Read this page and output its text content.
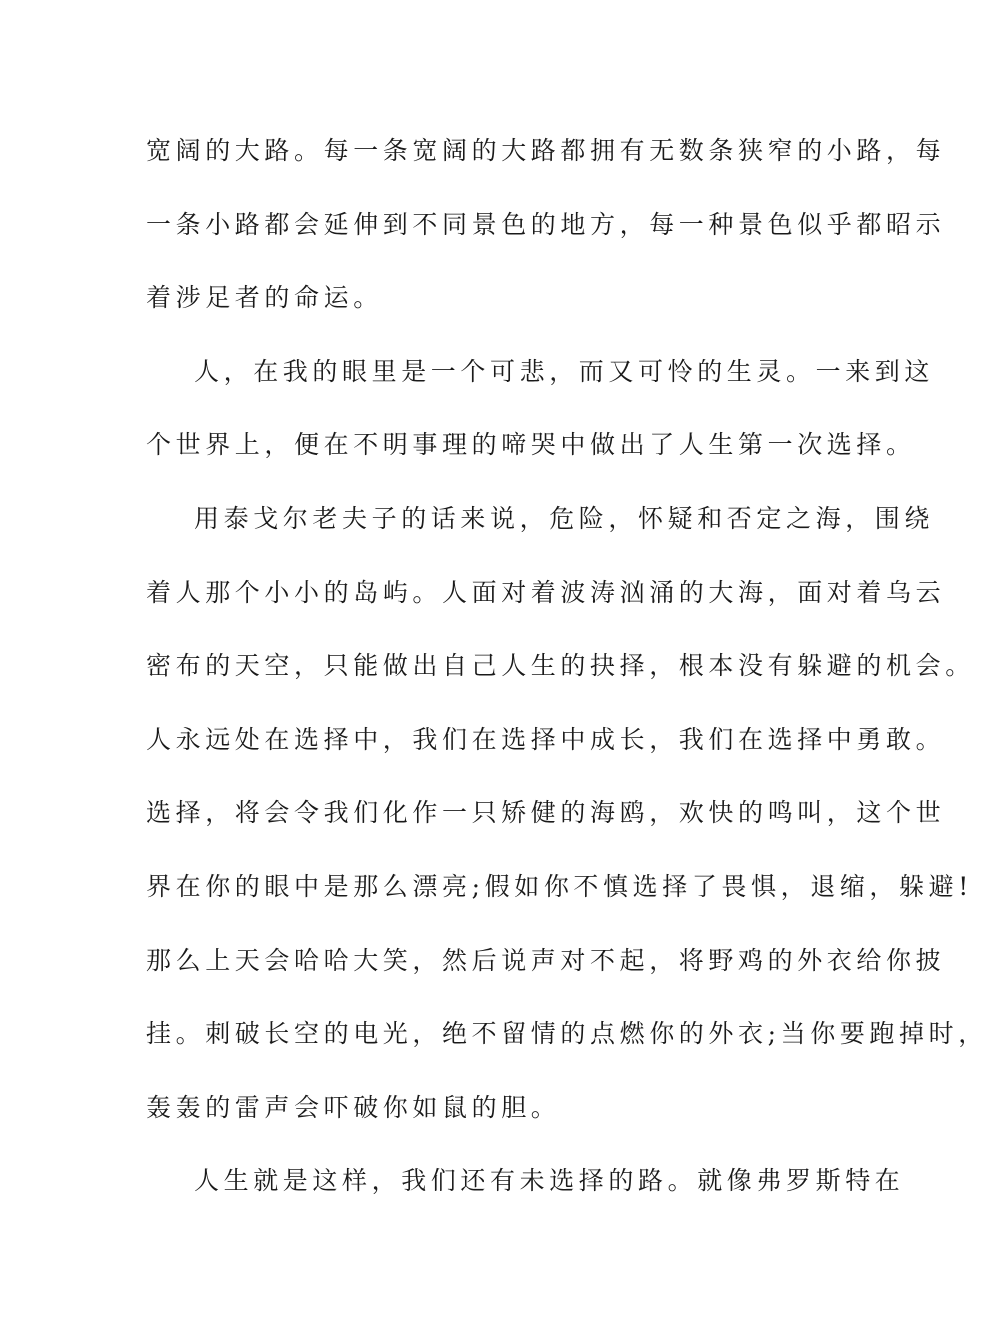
宽阔的大路。每一条宽阔的大路都拥有无数条狭窄的小路，每
一条小路都会延伸到不同景色的地方，每一种景色似乎都昭示
着涉足者的命运。
人，在我的眼里是一个可悲，而又可怜的生灵。一来到这
个世界上，便在不明事理的啼哭中做出了人生第一次选择。
用泰戈尔老夫子的话来说，危险，怀疑和否定之海，围绕
着人那个小小的岛屿。人面对着波涛汹涌的大海，面对着乌云
密布的天空，只能做出自己人生的抉择，根本没有躲避的机会。
人永远处在选择中，我们在选择中成长，我们在选择中勇敢。
选择，将会令我们化作一只矫健的海鸥，欢快的鸣叫，这个世
界在你的眼中是那么漂亮;假如你不慎选择了畏惧，退缩，躲避!
那么上天会哈哈大笑，然后说声对不起，将野鸡的外衣给你披
挂。刺破长空的电光，绝不留情的点燃你的外衣;当你要跑掉时，
轰轰的雷声会吓破你如鼠的胆。
人生就是这样，我们还有未选择的路。就像弗罗斯特在
